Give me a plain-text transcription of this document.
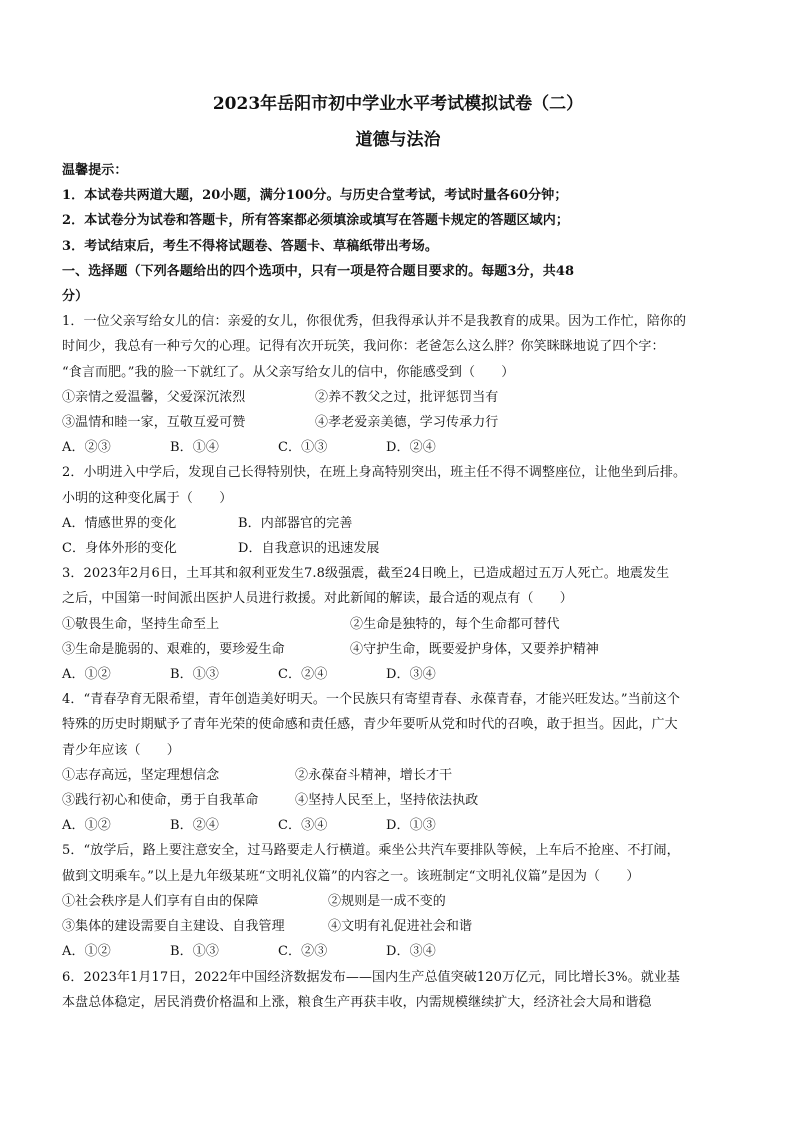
2023年岳阳市初中学业水平考试模拟试卷（二）

道德与法治

温馨提示：

1．本试卷共两道大题，20小题，满分100分。与历史合堂考试，考试时量各60分钟；

2．本试卷分为试卷和答题卡，所有答案都必须填涂或填写在答题卡规定的答题区域内；

3．考试结束后，考生不得将试题卷、答题卡、草稿纸带出考场。

一、选择题（下列各题给出的四个选项中，只有一项是符合题目要求的。每题3分，共48

分）

1．一位父亲写给女儿的信：亲爱的女儿，你很优秀，但我得承认并不是我教育的成果。因为工作忙，陪你的

时间少，我总有一种亏欠的心理。记得有次开玩笑，我问你：老爸怎么这么胖？你笑眯眯地说了四个字：

“食言而肥。”我的脸一下就红了。从父亲写给女儿的信中，你能感受到（　　）

①亲情之爱温馨，父爱深沉浓烈	②养不教父之过，批评惩罚当有

③温情和睦一家，互敬互爱可赞	④孝老爱亲美德，学习传承力行

A．②③	B．①④	C．①③	D．②④

2．小明进入中学后，发现自己长得特别快，在班上身高特别突出，班主任不得不调整座位，让他坐到后排。

小明的这种变化属于（　　）

A．情感世界的变化	B．内部器官的完善

C．身体外形的变化	D．自我意识的迅速发展

3．2023年2月6日，土耳其和叙利亚发生7.8级强震，截至24日晚上，已造成超过五万人死亡。地震发生

之后，中国第一时间派出医护人员进行救援。对此新闻的解读，最合适的观点有（　　）

①敬畏生命，坚持生命至上	②生命是独特的，每个生命都可替代

③生命是脆弱的、艰难的，要珍爱生命	④守护生命，既要爱护身体，又要养护精神

A．①②	B．①③	C．②④	D．③④

4．“青春孕育无限希望，青年创造美好明天。一个民族只有寄望青春、永葆青春，才能兴旺发达。”当前这个

特殊的历史时期赋予了青年光荣的使命感和责任感，青少年要听从党和时代的召唤，敢于担当。因此，广大

青少年应该（　　）

①志存高远，坚定理想信念	②永葆奋斗精神，增长才干

③践行初心和使命，勇于自我革命	④坚持人民至上，坚持依法执政

A．①②	B．②④	C．③④	D．①③

5．“放学后，路上要注意安全，过马路要走人行横道。乘坐公共汽车要排队等候，上车后不抢座、不打闹，

做到文明乘车。”以上是九年级某班“文明礼仪篇”的内容之一。该班制定“文明礼仪篇”是因为（　　）

①社会秩序是人们享有自由的保障	②规则是一成不变的

③集体的建设需要自主建设、自我管理	④文明有礼促进社会和谐

A．①②	B．①③	C．②③	D．③④

6．2023年1月17日，2022年中国经济数据发布——国内生产总值突破120万亿元，同比增长3%。就业基

本盘总体稳定，居民消费价格温和上涨，粮食生产再获丰收，内需规模继续扩大，经济社会大局和谐稳
